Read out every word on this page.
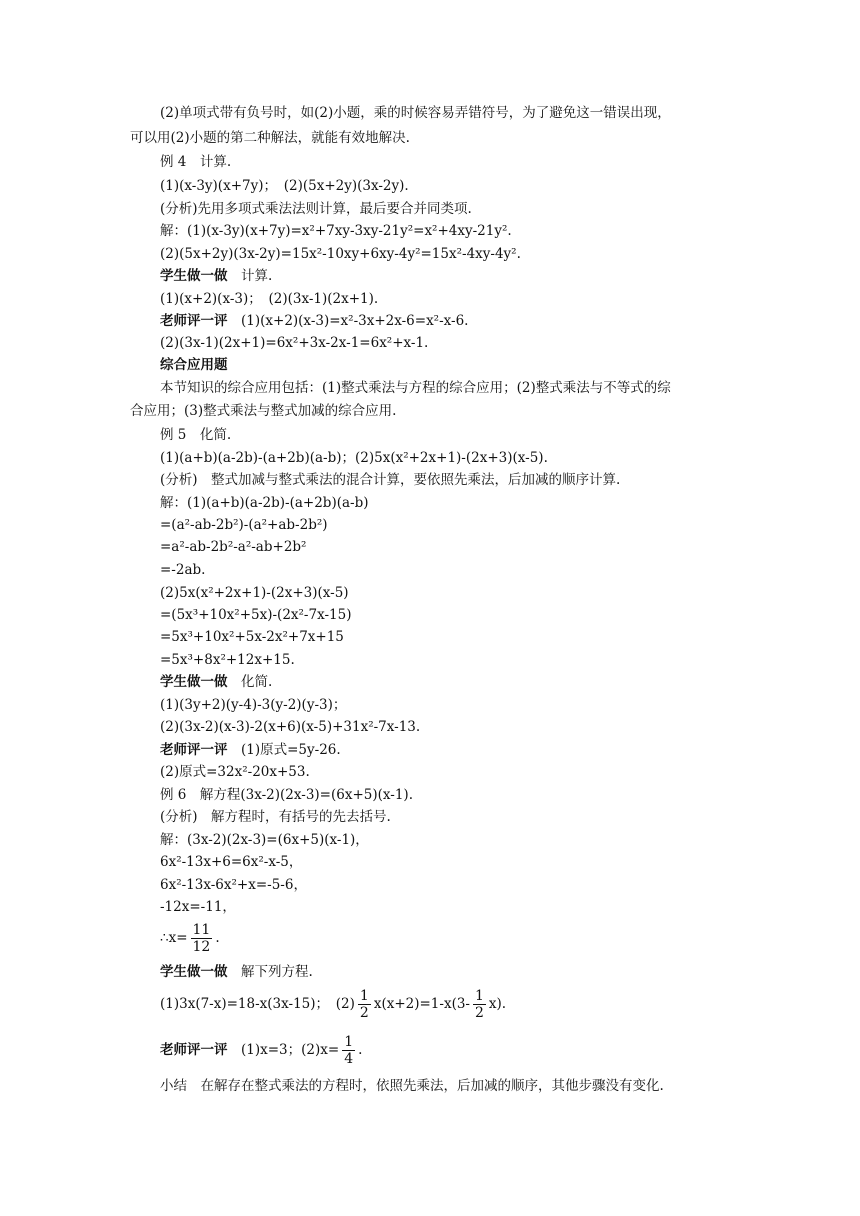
(2)单项式带有负号时，如(2)小题，乘的时候容易弄错符号，为了避免这一错误出现，
可以用(2)小题的第二种解法，就能有效地解决.
例 4　计算.
(1)(x-3y)(x+7y)；　(2)(5x+2y)(3x-2y).
(分析)先用多项式乘法法则计算，最后要合并同类项.
解：(1)(x-3y)(x+7y)=x²+7xy-3xy-21y²=x²+4xy-21y².
(2)(5x+2y)(3x-2y)=15x²-10xy+6xy-4y²=15x²-4xy-4y².
学生做一做　计算.
(1)(x+2)(x-3)；　(2)(3x-1)(2x+1).
老师评一评　(1)(x+2)(x-3)=x²-3x+2x-6=x²-x-6.
(2)(3x-1)(2x+1)=6x²+3x-2x-1=6x²+x-1.
综合应用题
本节知识的综合应用包括：(1)整式乘法与方程的综合应用；(2)整式乘法与不等式的综
合应用；(3)整式乘法与整式加减的综合应用.
例 5　化简.
(1)(a+b)(a-2b)-(a+2b)(a-b)；(2)5x(x²+2x+1)-(2x+3)(x-5).
(分析)　整式加减与整式乘法的混合计算，要依照先乘法，后加减的顺序计算.
解：(1)(a+b)(a-2b)-(a+2b)(a-b)
=(a²-ab-2b²)-(a²+ab-2b²)
=a²-ab-2b²-a²-ab+2b²
=-2ab.
(2)5x(x²+2x+1)-(2x+3)(x-5)
=(5x³+10x²+5x)-(2x²-7x-15)
=5x³+10x²+5x-2x²+7x+15
=5x³+8x²+12x+15.
学生做一做　化简.
(1)(3y+2)(y-4)-3(y-2)(y-3)；
(2)(3x-2)(x-3)-2(x+6)(x-5)+31x²-7x-13.
老师评一评　(1)原式=5y-26.
(2)原式=32x²-20x+53.
例 6　解方程(3x-2)(2x-3)=(6x+5)(x-1).
(分析)　解方程时，有括号的先去括号.
解：(3x-2)(2x-3)=(6x+5)(x-1)，
6x²-13x+6=6x²-x-5，
6x²-13x-6x²+x=-5-6，
-12x=-11，
∴x= $\frac{11}{12}$ .
学生做一做　解下列方程.
(1)3x(7-x)=18-x(3x-15)；　$(2) \frac{1}{2} x(x+2)=1-x(3- \frac{1}{2} x)$.
老师评一评　(1)x=3；$(2)x= \frac{1}{4}$ .
小结　在解存在整式乘法的方程时，依照先乘法，后加减的顺序，其他步骤没有变化.
